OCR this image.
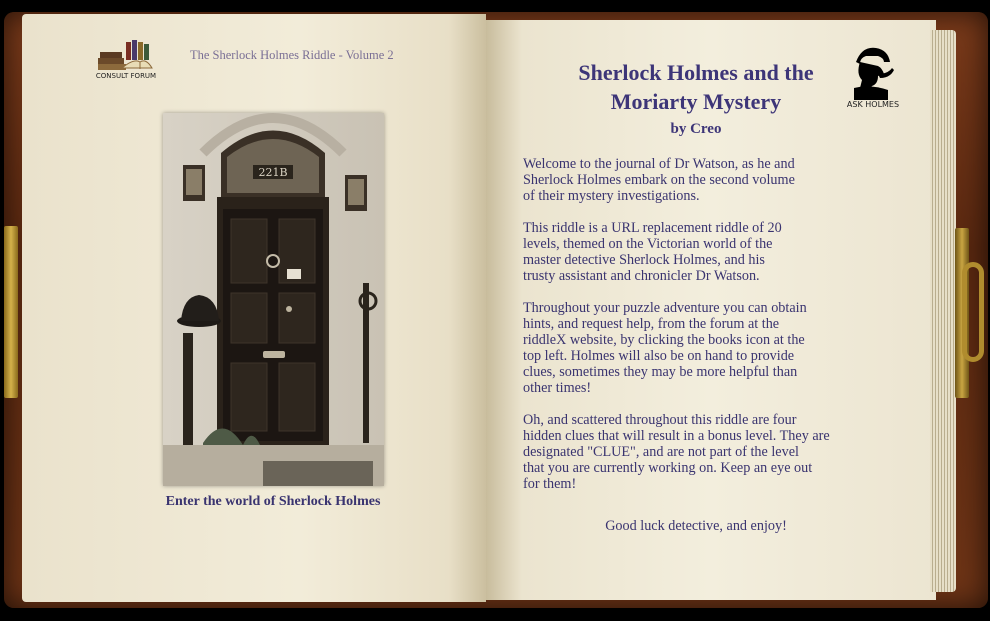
CONSULT FORUM
The Sherlock Holmes Riddle - Volume 2
221B
Enter the world of Sherlock Holmes
Sherlock Holmes and the
Moriarty Mystery
by Creo
ASK HOLMES

Welcome to the journal of Dr Watson, as he and
Sherlock Holmes embark on the second volume
of their mystery investigations.

This riddle is a URL replacement riddle of 20
levels, themed on the Victorian world of the
master detective Sherlock Holmes, and his
trusty assistant and chronicler Dr Watson.

Throughout your puzzle adventure you can obtain
hints, and request help, from the forum at the
riddleX website, by clicking the books icon at the
top left. Holmes will also be on hand to provide
clues, sometimes they may be more helpful than
other times!

Oh, and scattered throughout this riddle are four
hidden clues that will result in a bonus level. They are
designated "CLUE", and are not part of the level
that you are currently working on. Keep an eye out
for them!

Good luck detective, and enjoy!
